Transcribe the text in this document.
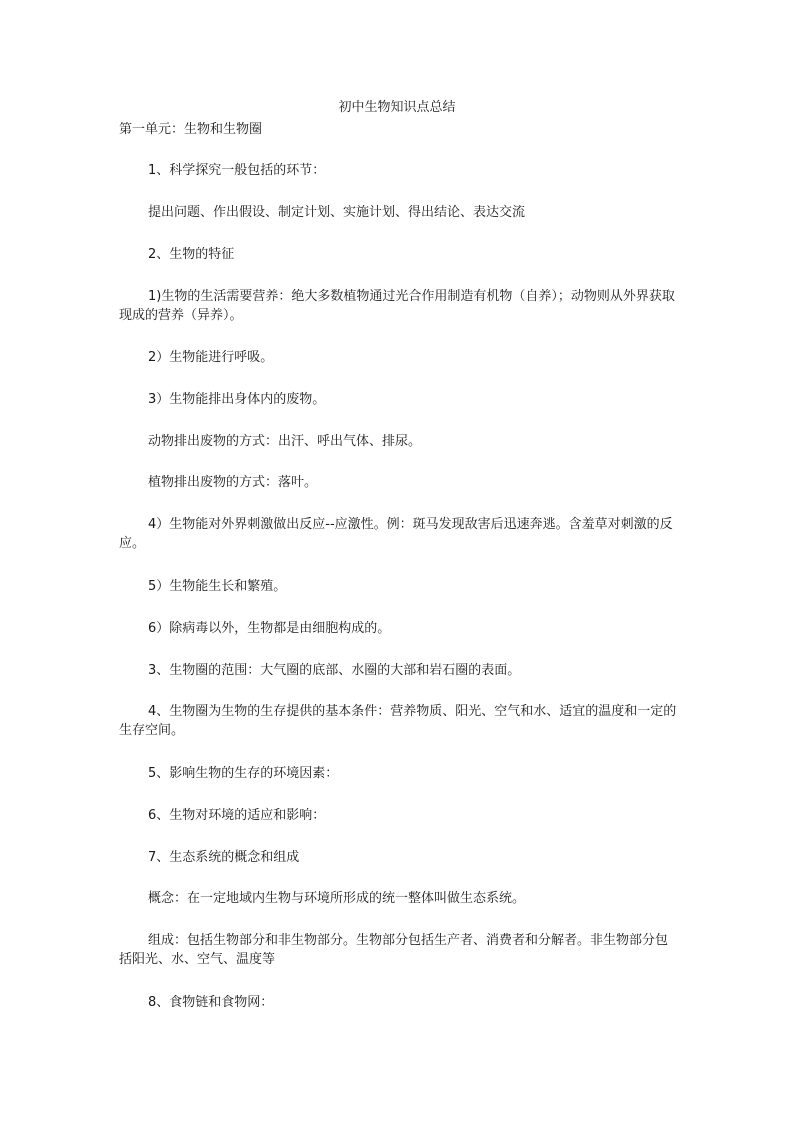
初中生物知识点总结
第一单元：生物和生物圈
1、科学探究一般包括的环节：
提出问题、作出假设、制定计划、实施计划、得出结论、表达交流
2、生物的特征
1)生物的生活需要营养：绝大多数植物通过光合作用制造有机物（自养）；动物则从外界获取现成的营养（异养）。
2）生物能进行呼吸。
3）生物能排出身体内的废物。
动物排出废物的方式：出汗、呼出气体、排尿。
植物排出废物的方式：落叶。
4）生物能对外界刺激做出反应--应激性。例：斑马发现敌害后迅速奔逃。含羞草对刺激的反应。
5）生物能生长和繁殖。
6）除病毒以外，生物都是由细胞构成的。
3、生物圈的范围：大气圈的底部、水圈的大部和岩石圈的表面。
4、生物圈为生物的生存提供的基本条件：营养物质、阳光、空气和水、适宜的温度和一定的生存空间。
5、影响生物的生存的环境因素：
6、生物对环境的适应和影响：
7、生态系统的概念和组成
概念：在一定地域内生物与环境所形成的统一整体叫做生态系统。
组成：包括生物部分和非生物部分。生物部分包括生产者、消费者和分解者。非生物部分包括阳光、水、空气、温度等
8、食物链和食物网：
